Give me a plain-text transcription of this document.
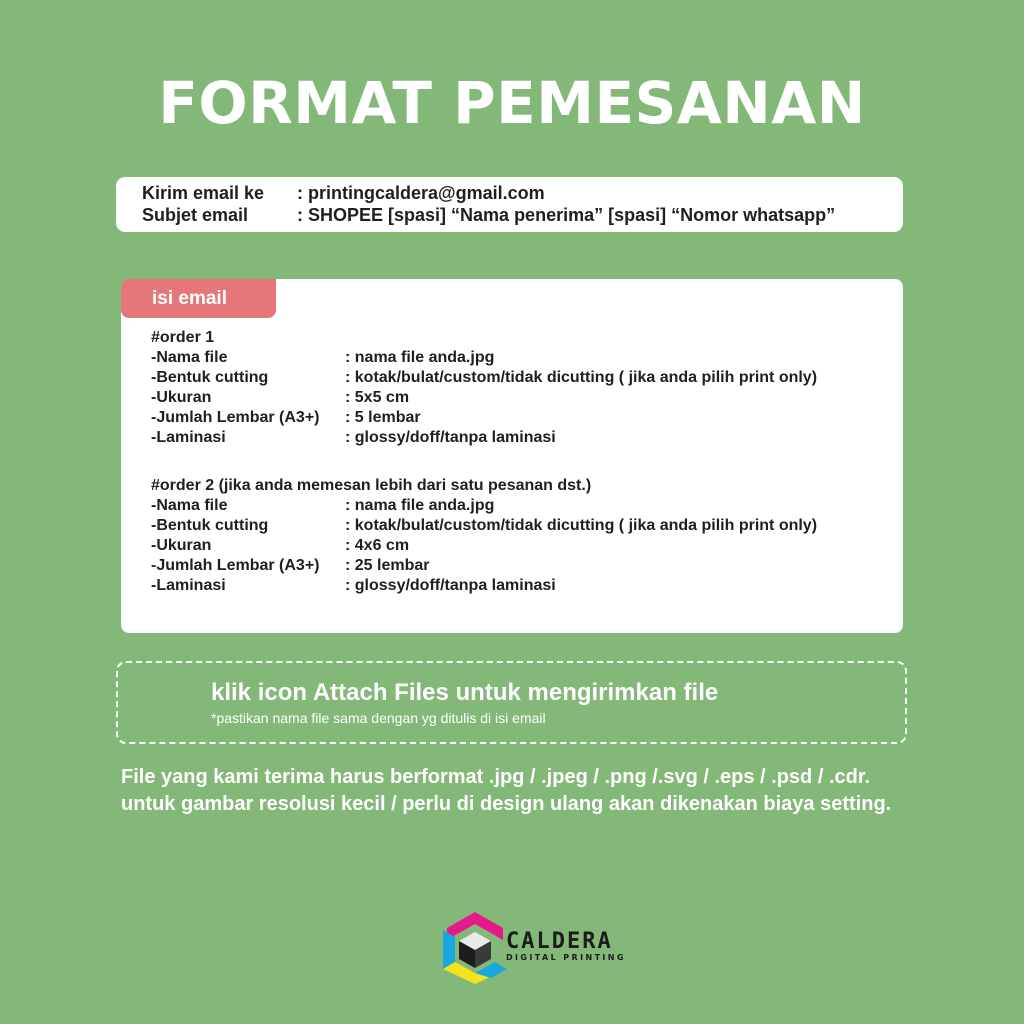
FORMAT PEMESANAN
Kirim email ke : printingcaldera@gmail.com
Subjet email	: SHOPEE [spasi] “Nama penerima” [spasi] “Nomor whatsapp”
isi email
#order 1
-Nama file	: nama file anda.jpg
-Bentuk cutting	: kotak/bulat/custom/tidak dicutting ( jika anda pilih print only)
-Ukuran	: 5x5 cm
-Jumlah Lembar (A3+) : 5 lembar
-Laminasi	: glossy/doff/tanpa laminasi
#order 2 (jika anda memesan lebih dari satu pesanan dst.)
-Nama file	: nama file anda.jpg
-Bentuk cutting	: kotak/bulat/custom/tidak dicutting ( jika anda pilih print only)
-Ukuran	: 4x6 cm
-Jumlah Lembar (A3+) : 25 lembar
-Laminasi	: glossy/doff/tanpa laminasi
klik icon Attach Files untuk mengirimkan file
*pastikan nama file sama dengan yg ditulis di isi email

File yang kami terima harus berformat .jpg / .jpeg / .png /.svg / .eps / .psd / .cdr.

untuk gambar resolusi kecil / perlu di design ulang akan dikenakan biaya setting.

CALDERA
DIGITAL PRINTING
